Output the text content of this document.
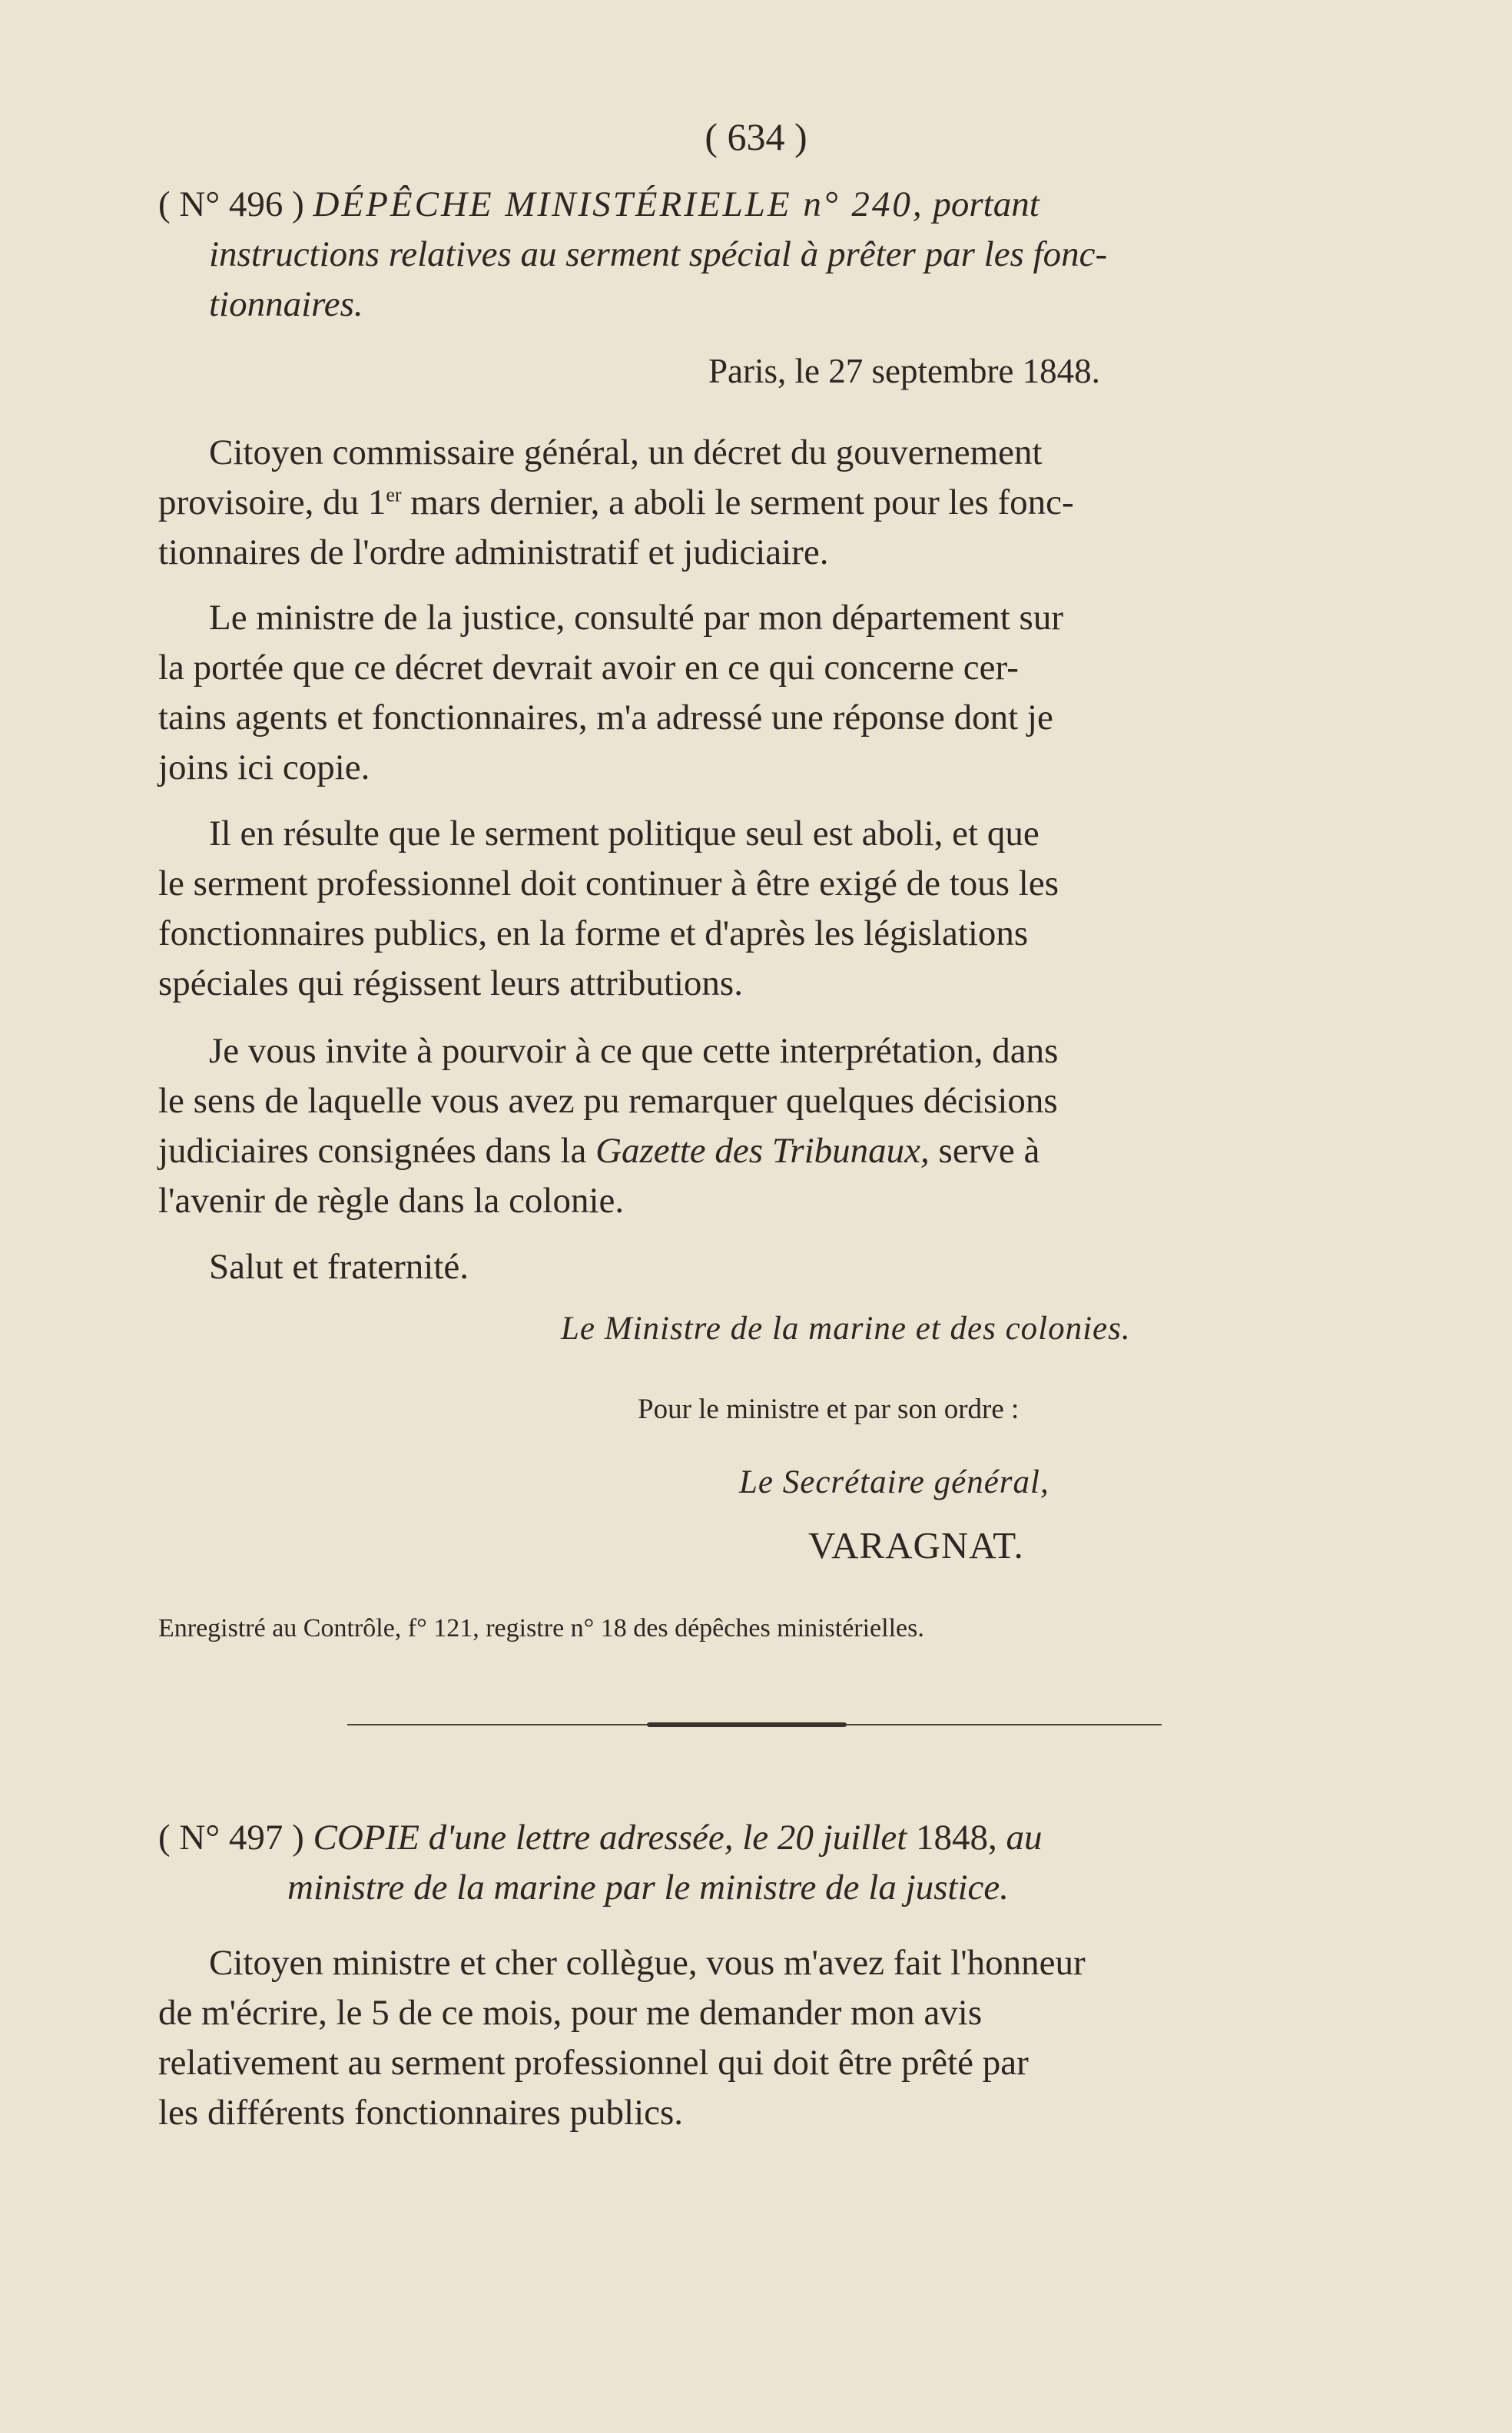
( 634 )
( N° 496 ) DÉPÊCHE MINISTÉRIELLE n° 240, portant
instructions relatives au serment spécial à prêter par les fonc-
tionnaires.
Paris, le 27 septembre 1848.
Citoyen commissaire général, un décret du gouvernement
provisoire, du 1er mars dernier, a aboli le serment pour les fonc-
tionnaires de l'ordre administratif et judiciaire.
Le ministre de la justice, consulté par mon département sur
la portée que ce décret devrait avoir en ce qui concerne cer-
tains agents et fonctionnaires, m'a adressé une réponse dont je
joins ici copie.
Il en résulte que le serment politique seul est aboli, et que
le serment professionnel doit continuer à être exigé de tous les
fonctionnaires publics, en la forme et d'après les législations
spéciales qui régissent leurs attributions.
Je vous invite à pourvoir à ce que cette interprétation, dans
le sens de laquelle vous avez pu remarquer quelques décisions
judiciaires consignées dans la Gazette des Tribunaux, serve à
l'avenir de règle dans la colonie.
Salut et fraternité.
Le Ministre de la marine et des colonies.
Pour le ministre et par son ordre :
Le Secrétaire général,
VARAGNAT.
Enregistré au Contrôle, f° 121, registre n° 18 des dépêches ministérielles.
( N° 497 ) COPIE d'une lettre adressée, le 20 juillet 1848, au
ministre de la marine par le ministre de la justice.
Citoyen ministre et cher collègue, vous m'avez fait l'honneur
de m'écrire, le 5 de ce mois, pour me demander mon avis
relativement au serment professionnel qui doit être prêté par
les différents fonctionnaires publics.
